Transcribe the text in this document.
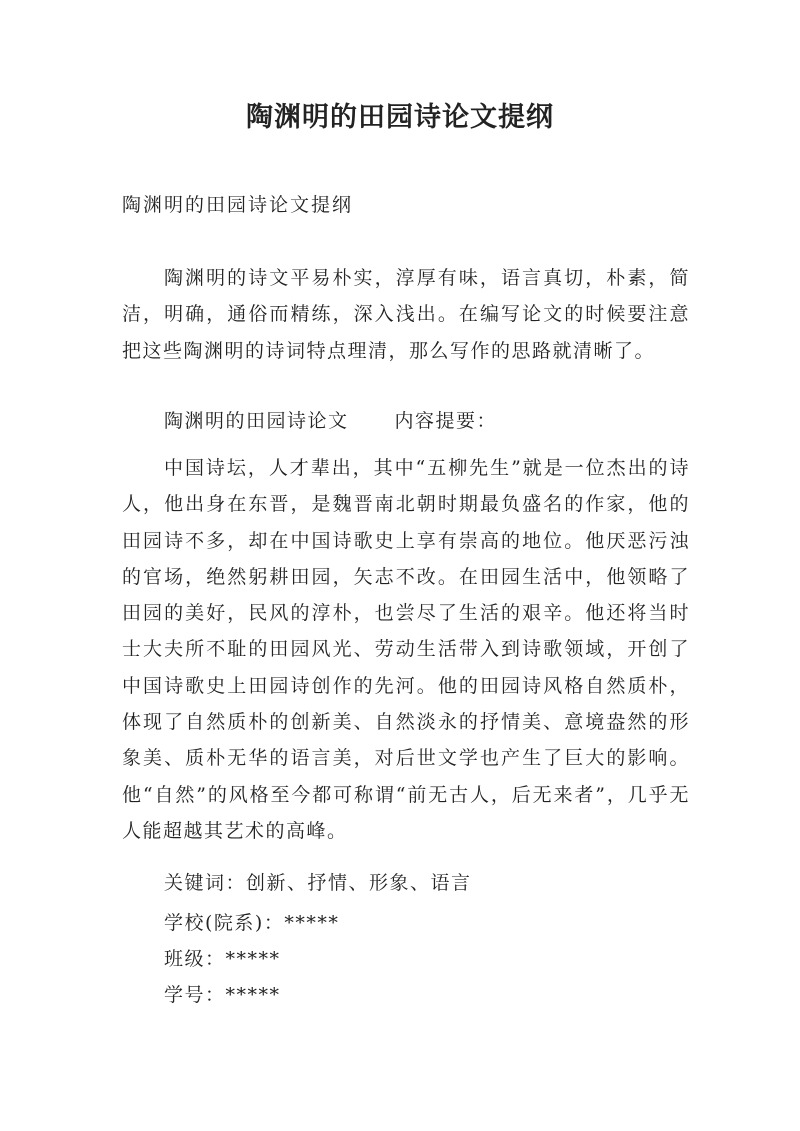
陶渊明的田园诗论文提纲
陶渊明的田园诗论文提纲

陶渊明的诗文平易朴实，淳厚有味，语言真切，朴素，简洁，明确，通俗而精练，深入浅出。在编写论文的时候要注意把这些陶渊明的诗词特点理清，那么写作的思路就清晰了。

陶渊明的田园诗论文 内容提要：

中国诗坛，人才辈出，其中“五柳先生”就是一位杰出的诗人，他出身在东晋，是魏晋南北朝时期最负盛名的作家，他的田园诗不多，却在中国诗歌史上享有崇高的地位。他厌恶污浊的官场，绝然躬耕田园，矢志不改。在田园生活中，他领略了田园的美好，民风的淳朴，也尝尽了生活的艰辛。他还将当时士大夫所不耻的田园风光、劳动生活带入到诗歌领域，开创了中国诗歌史上田园诗创作的先河。他的田园诗风格自然质朴，体现了自然质朴的创新美、自然淡永的抒情美、意境盎然的形象美、质朴无华的语言美，对后世文学也产生了巨大的影响。他“自然”的风格至今都可称谓“前无古人，后无来者”，几乎无人能超越其艺术的高峰。

关键词：创新、抒情、形象、语言
学校(院系)：*****
班级：*****
学号：*****
